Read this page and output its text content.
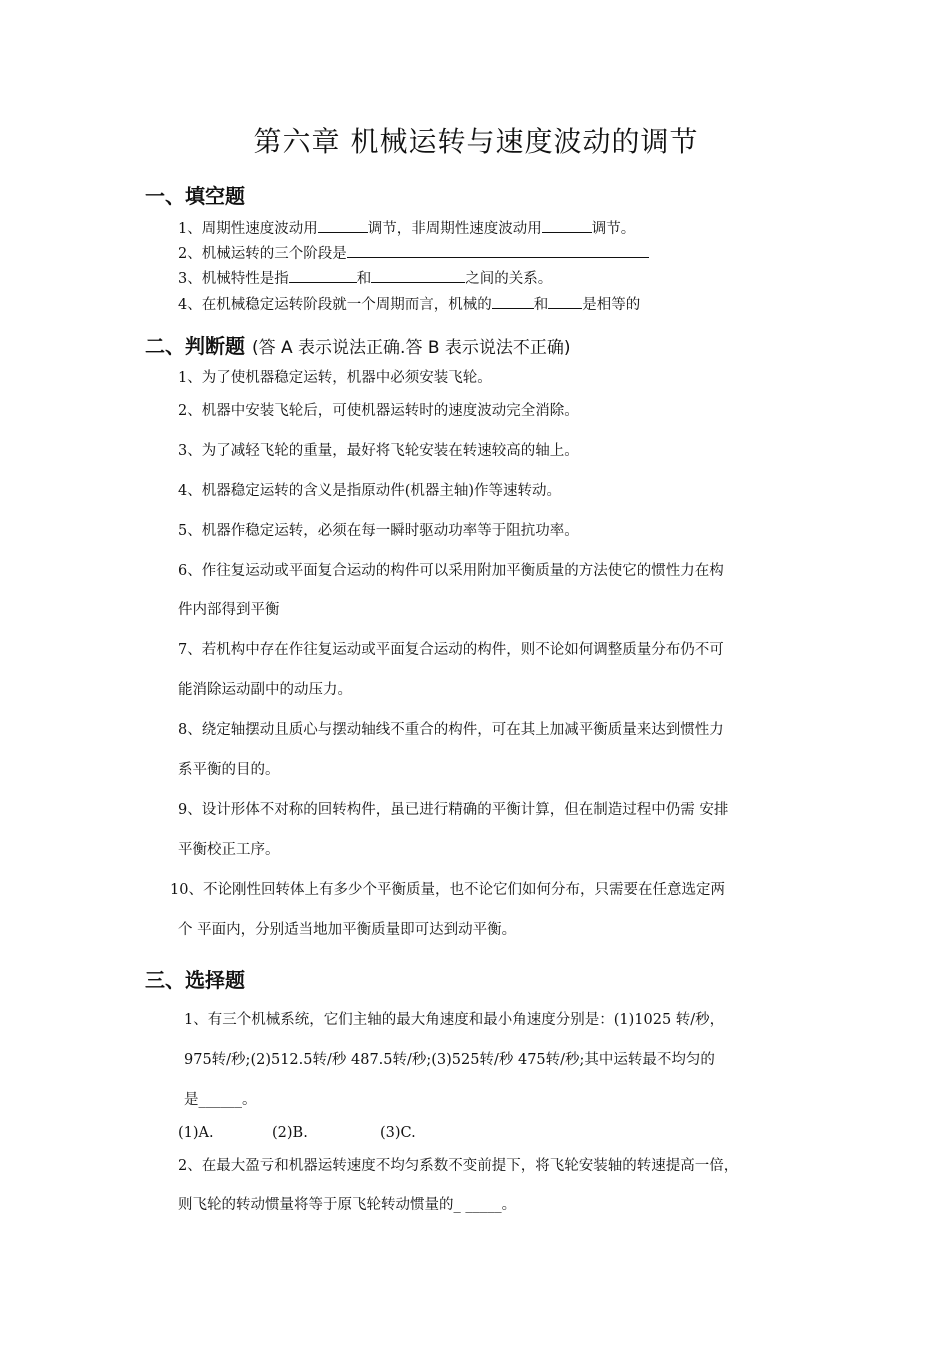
第六章 机械运转与速度波动的调节
一、填空题
1、周期性速度波动用	调节，非周期性速度波动用	调节。
2、机械运转的三个阶段是
3、机械特性是指	和	之间的关系。
4、在机械稳定运转阶段就一个周期而言，机械的	和 是相等的
二、判断题 (答 A 表示说法正确.答 B 表示说法不正确)
1、为了使机器稳定运转，机器中必须安装飞轮。
2、机器中安装飞轮后，可使机器运转时的速度波动完全消除。
3、为了减轻飞轮的重量，最好将飞轮安装在转速较高的轴上。
4、机器稳定运转的含义是指原动件(机器主轴)作等速转动。
5、机器作稳定运转，必须在每一瞬时驱动功率等于阻抗功率。
6、作往复运动或平面复合运动的构件可以采用附加平衡质量的方法使它的惯性力在构
件内部得到平衡
7、若机构中存在作往复运动或平面复合运动的构件，则不论如何调整质量分布仍不可
能消除运动副中的动压力。
8、绕定轴摆动且质心与摆动轴线不重合的构件，可在其上加减平衡质量来达到惯性力
系平衡的目的。
9、设计形体不对称的回转构件，虽已进行精确的平衡计算，但在制造过程中仍需 安排
平衡校正工序。
10、不论刚性回转体上有多少个平衡质量，也不论它们如何分布，只需要在任意选定两
个 平面内，分别适当地加平衡质量即可达到动平衡。
三、选择题
1、有三个机械系统，它们主轴的最大角速度和最小角速度分别是：(1)1025 转/秒，
975转/秒;(2)512.5转/秒 487.5转/秒;(3)525转/秒 475转/秒;其中运转最不均匀的
是______。
(1)A.	(2)B.	(3)C.
2、在最大盈亏和机器运转速度不均匀系数不变前提下，将飞轮安装轴的转速提高一倍，
则飞轮的转动惯量将等于原飞轮转动惯量的_ _____。
